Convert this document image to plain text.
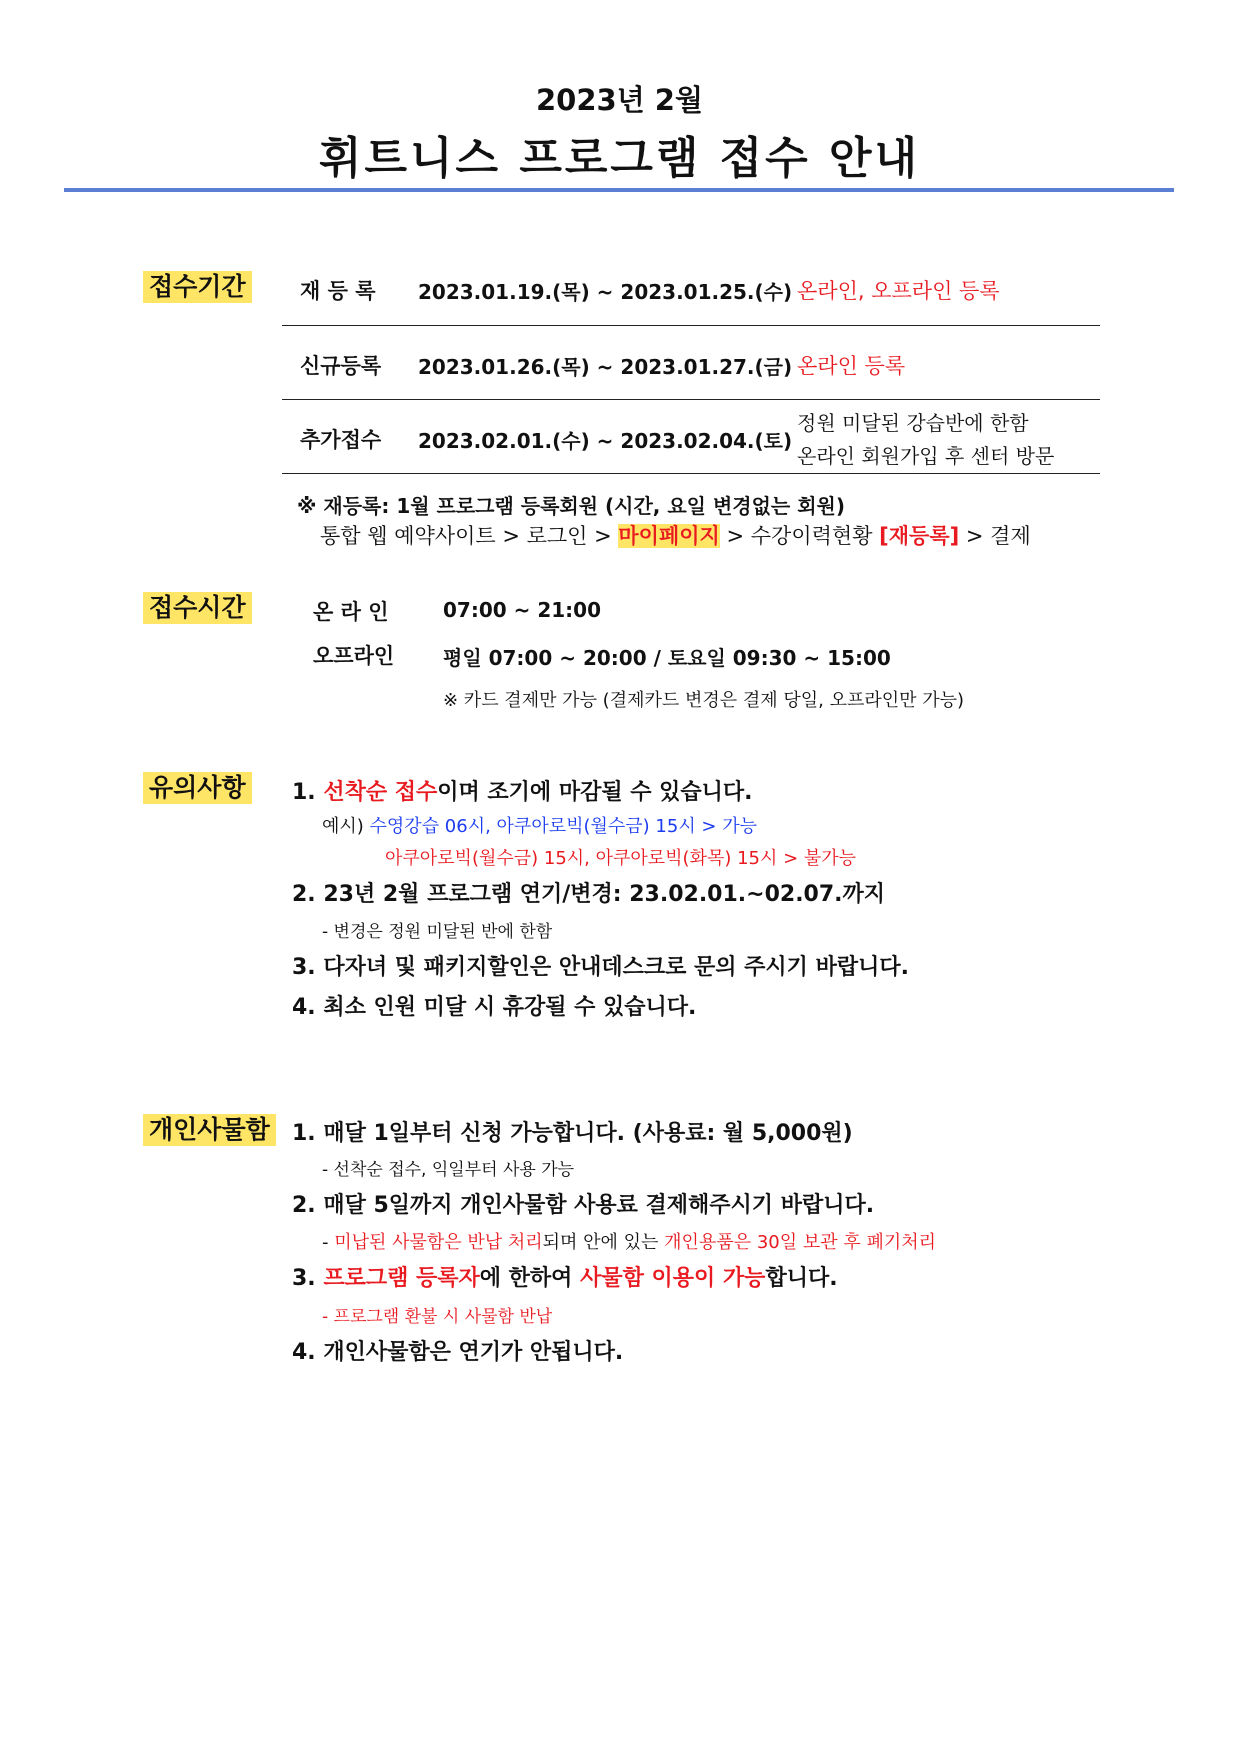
2023년 2월
휘트니스 프로그램 접수 안내
접수기간	재 등 록 2023.01.19.(목) ~ 2023.01.25.(수) 온라인, 오프라인 등록
신규등록 2023.01.26.(목) ~ 2023.01.27.(금) 온라인 등록
추가접수 2023.02.01.(수) ~ 2023.02.04.(토)
정원 미달된 강습반에 한함
온라인 회원가입 후 센터 방문
※ 재등록: 1월 프로그램 등록회원 (시간, 요일 변경없는 회원)
통합 웹 예약사이트 > 로그인 > 마이페이지 > 수강이력현황 [재등록] > 결제
접수시간	온 라 인	07:00 ~ 21:00
오프라인 평일 07:00 ~ 20:00 / 토요일 09:30 ~ 15:00
※ 카드 결제만 가능 (결제카드 변경은 결제 당일, 오프라인만 가능)
유의사항 1. 선착순 접수이며 조기에 마감될 수 있습니다.
예시) 수영강습 06시, 아쿠아로빅(월수금) 15시 > 가능
아쿠아로빅(월수금) 15시, 아쿠아로빅(화목) 15시 > 불가능
2. 23년 2월 프로그램 연기/변경: 23.02.01.~02.07.까지
- 변경은 정원 미달된 반에 한함
3. 다자녀 및 패키지할인은 안내데스크로 문의 주시기 바랍니다.
4. 최소 인원 미달 시 휴강될 수 있습니다.
개인사물함 1. 매달 1일부터 신청 가능합니다. (사용료: 월 5,000원)
- 선착순 접수, 익일부터 사용 가능
2. 매달 5일까지 개인사물함 사용료 결제해주시기 바랍니다.
- 미납된 사물함은 반납 처리되며 안에 있는 개인용품은 30일 보관 후 폐기처리
3. 프로그램 등록자에 한하여 사물함 이용이 가능합니다.
- 프로그램 환불 시 사물함 반납
4. 개인사물함은 연기가 안됩니다.
